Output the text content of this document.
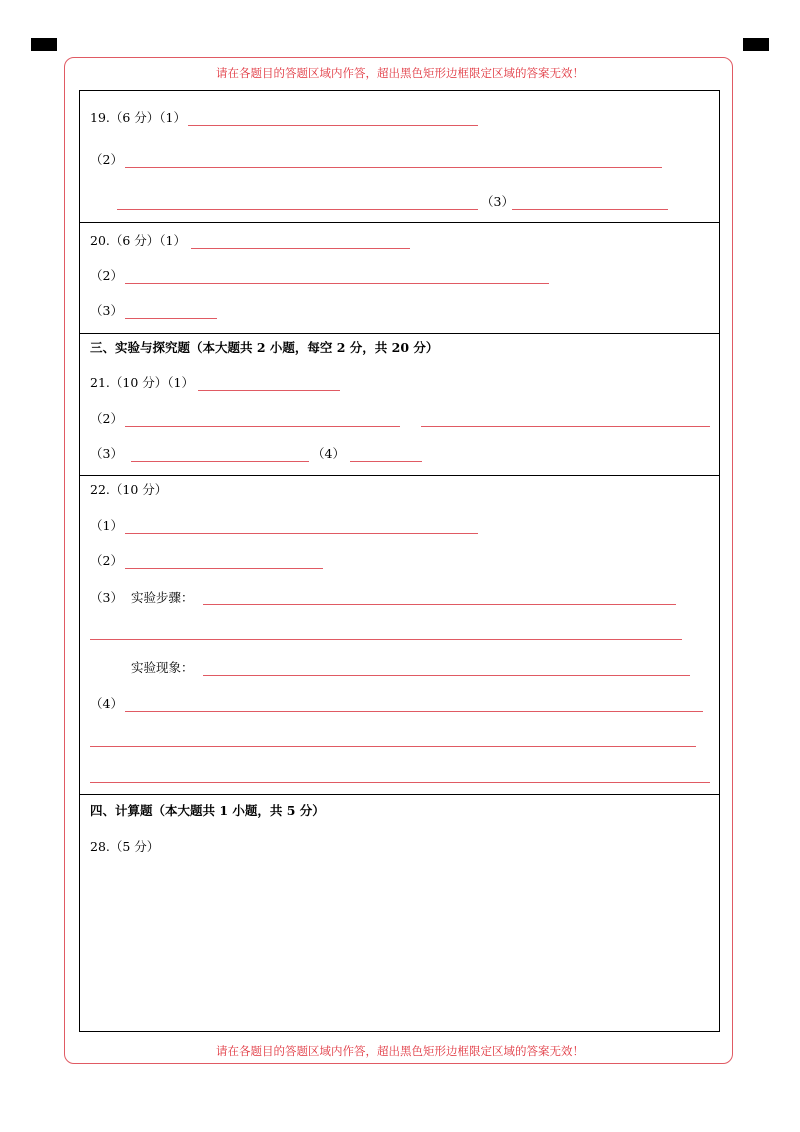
请在各题目的答题区域内作答，超出黑色矩形边框限定区域的答案无效！
请在各题目的答题区域内作答，超出黑色矩形边框限定区域的答案无效！
19.（6 分）（1）
（2）
（3）
20.（6 分）（1）
（2）
（3）
三、实验与探究题（本大题共 2 小题，每空 2 分，共 20 分）
21.（10 分）（1）
（2）
（3）	（4）
22.（10 分）
（1）
（2）
（3） 实验步骤：
实验现象：
（4）
四、计算题（本大题共 1 小题，共 5 分）
28.（5 分）
